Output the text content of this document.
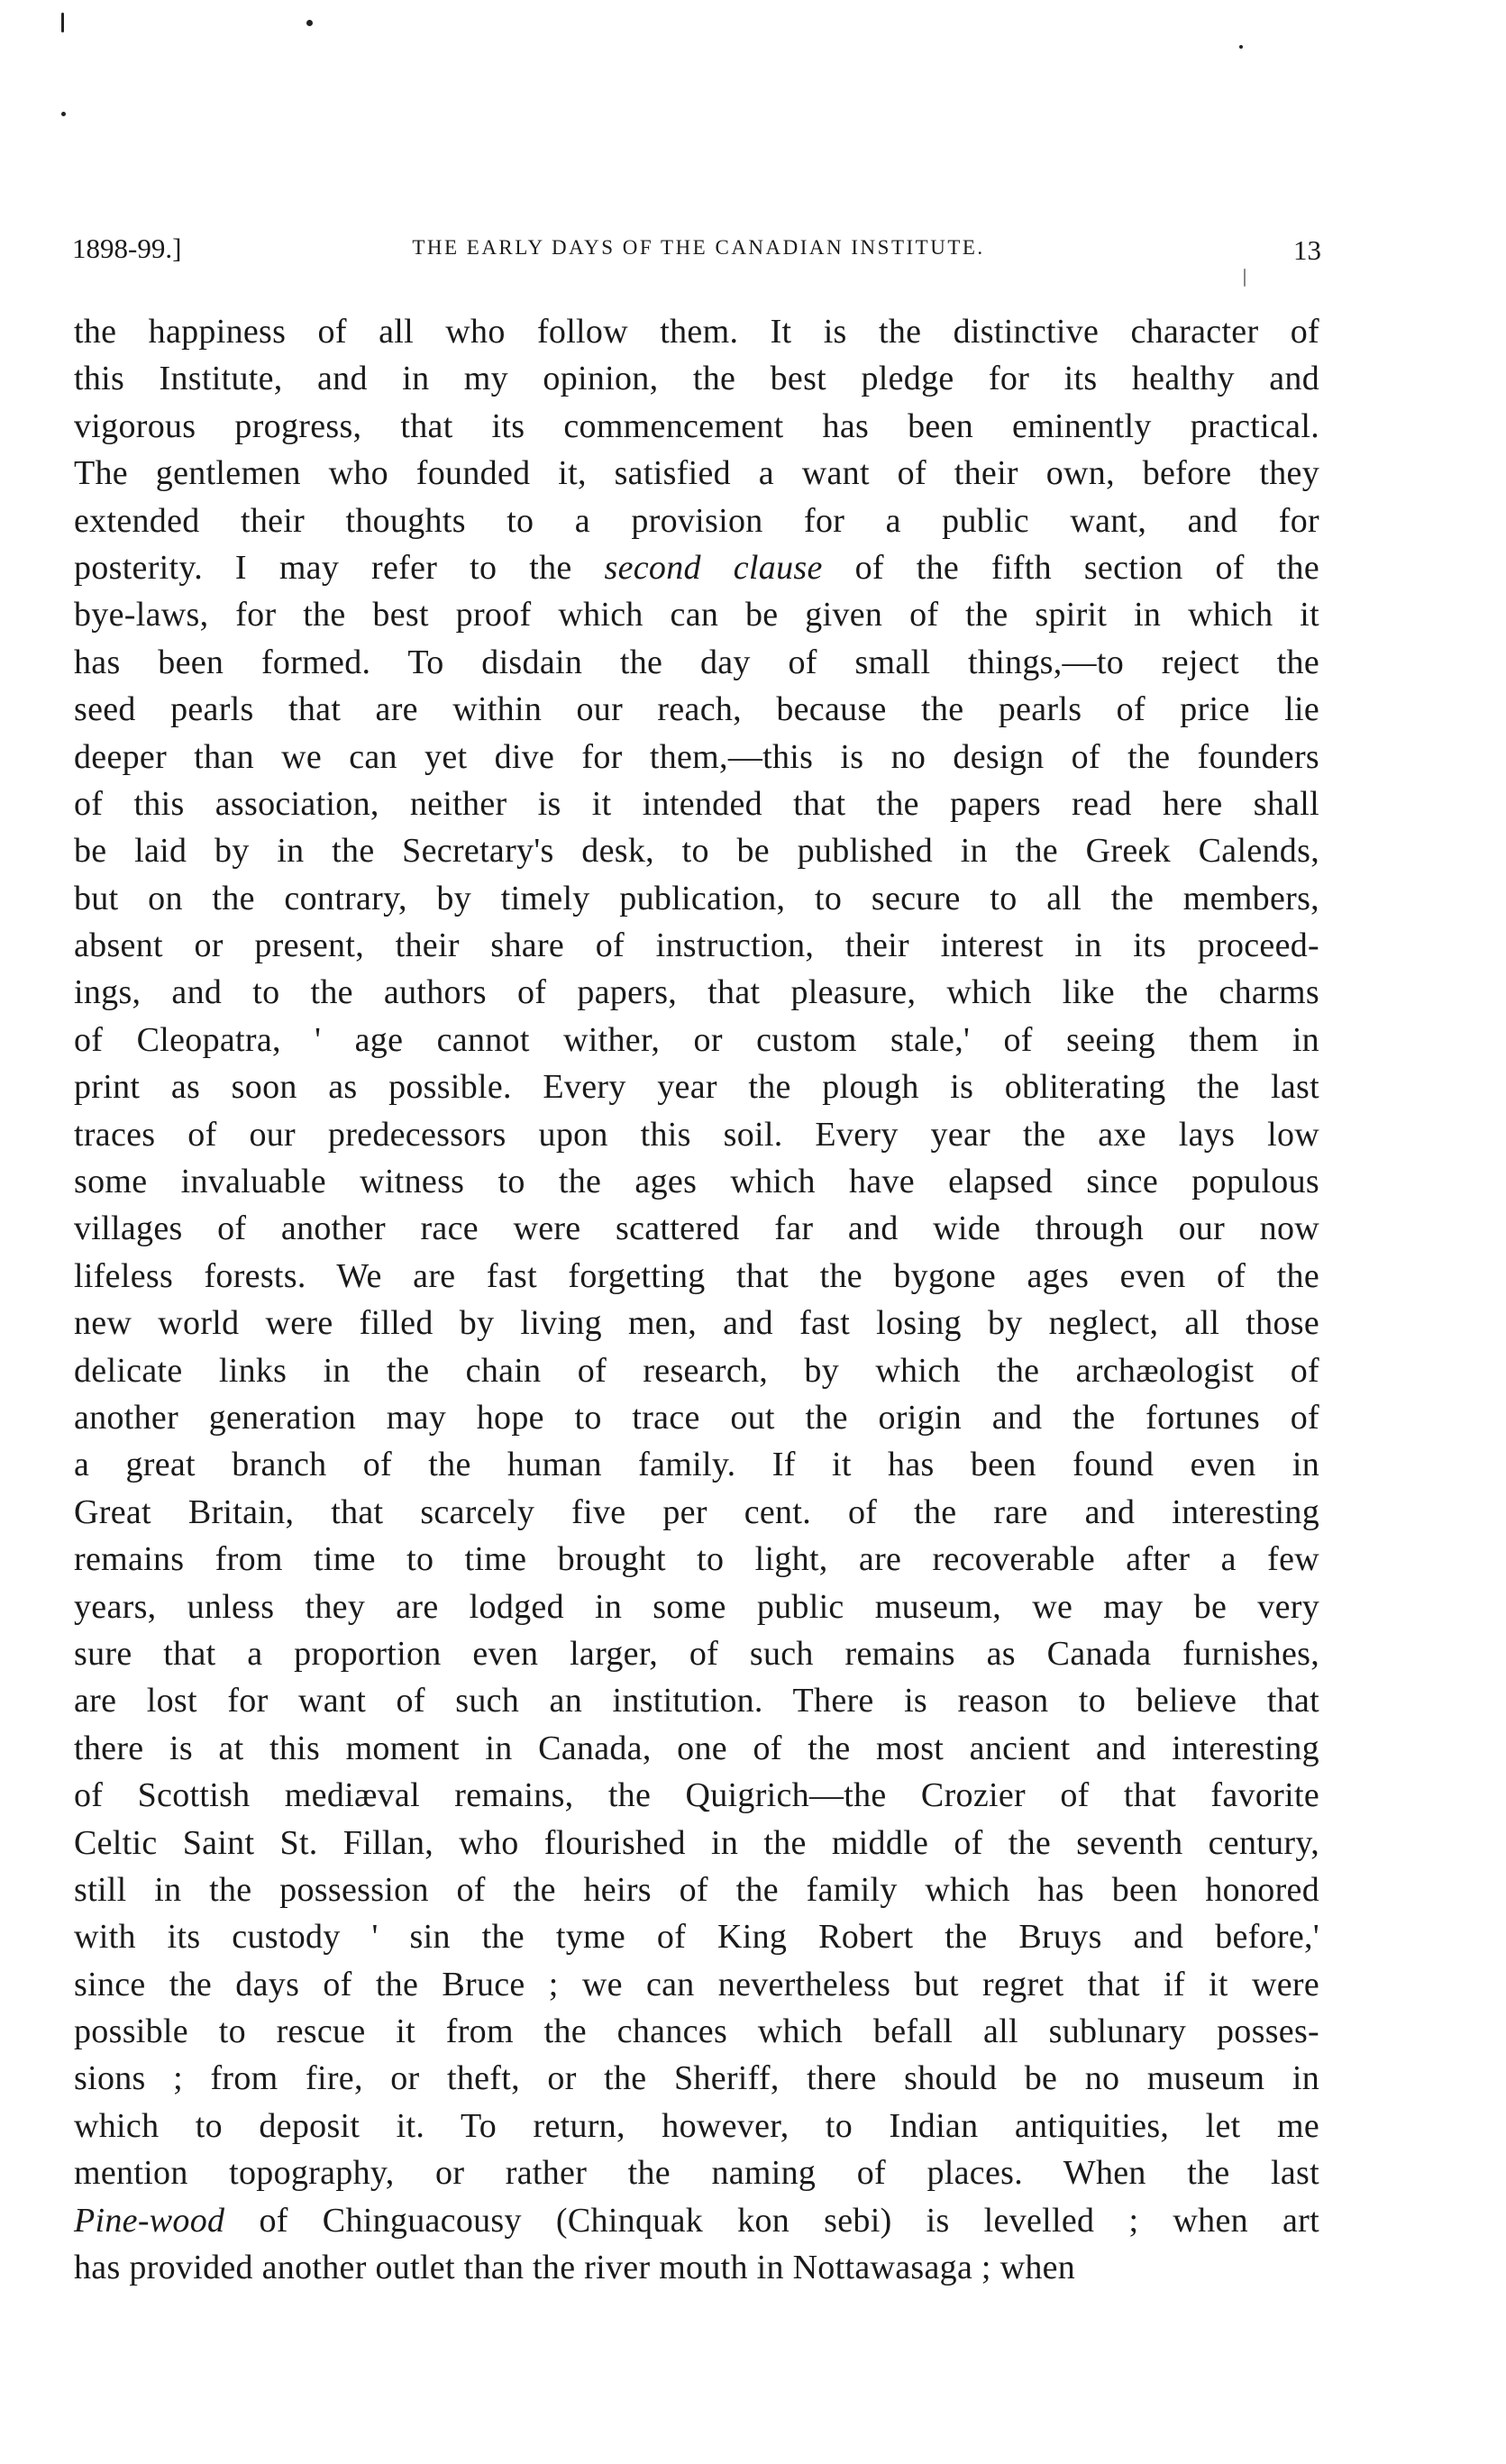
1898-99.]	THE EARLY DAYS OF THE CANADIAN INSTITUTE.	13
the happiness of all who follow them. It is the distinctive character of
this Institute, and in my opinion, the best pledge for its healthy and
vigorous progress, that its commencement has been eminently practical.
The gentlemen who founded it, satisfied a want of their own, before they
extended their thoughts to a provision for a public want, and for
posterity. I may refer to the second clause of the fifth section of the
bye-laws, for the best proof which can be given of the spirit in which it
has been formed. To disdain the day of small things,—to reject the
seed pearls that are within our reach, because the pearls of price lie
deeper than we can yet dive for them,—this is no design of the founders
of this association, neither is it intended that the papers read here shall
be laid by in the Secretary's desk, to be published in the Greek Calends,
but on the contrary, by timely publication, to secure to all the members,
absent or present, their share of instruction, their interest in its proceed-
ings, and to the authors of papers, that pleasure, which like the charms
of Cleopatra, ' age cannot wither, or custom stale,' of seeing them in
print as soon as possible. Every year the plough is obliterating the last
traces of our predecessors upon this soil. Every year the axe lays low
some invaluable witness to the ages which have elapsed since populous
villages of another race were scattered far and wide through our now
lifeless forests. We are fast forgetting that the bygone ages even of the
new world were filled by living men, and fast losing by neglect, all those
delicate links in the chain of research, by which the archæologist of
another generation may hope to trace out the origin and the fortunes of
a great branch of the human family. If it has been found even in
Great Britain, that scarcely five per cent. of the rare and interesting
remains from time to time brought to light, are recoverable after a few
years, unless they are lodged in some public museum, we may be very
sure that a proportion even larger, of such remains as Canada furnishes,
are lost for want of such an institution. There is reason to believe that
there is at this moment in Canada, one of the most ancient and interesting
of Scottish mediæval remains, the Quigrich—the Crozier of that favorite
Celtic Saint St. Fillan, who flourished in the middle of the seventh century,
still in the possession of the heirs of the family which has been honored
with its custody ' sin the tyme of King Robert the Bruys and before,'
since the days of the Bruce ; we can nevertheless but regret that if it were
possible to rescue it from the chances which befall all sublunary posses-
sions ; from fire, or theft, or the Sheriff, there should be no museum in
which to deposit it. To return, however, to Indian antiquities, let me
mention topography, or rather the naming of places. When the last
Pine-wood of Chinguacousy (Chinquak kon sebi) is levelled ; when art
has provided another outlet than the river mouth in Nottawasaga ; when
